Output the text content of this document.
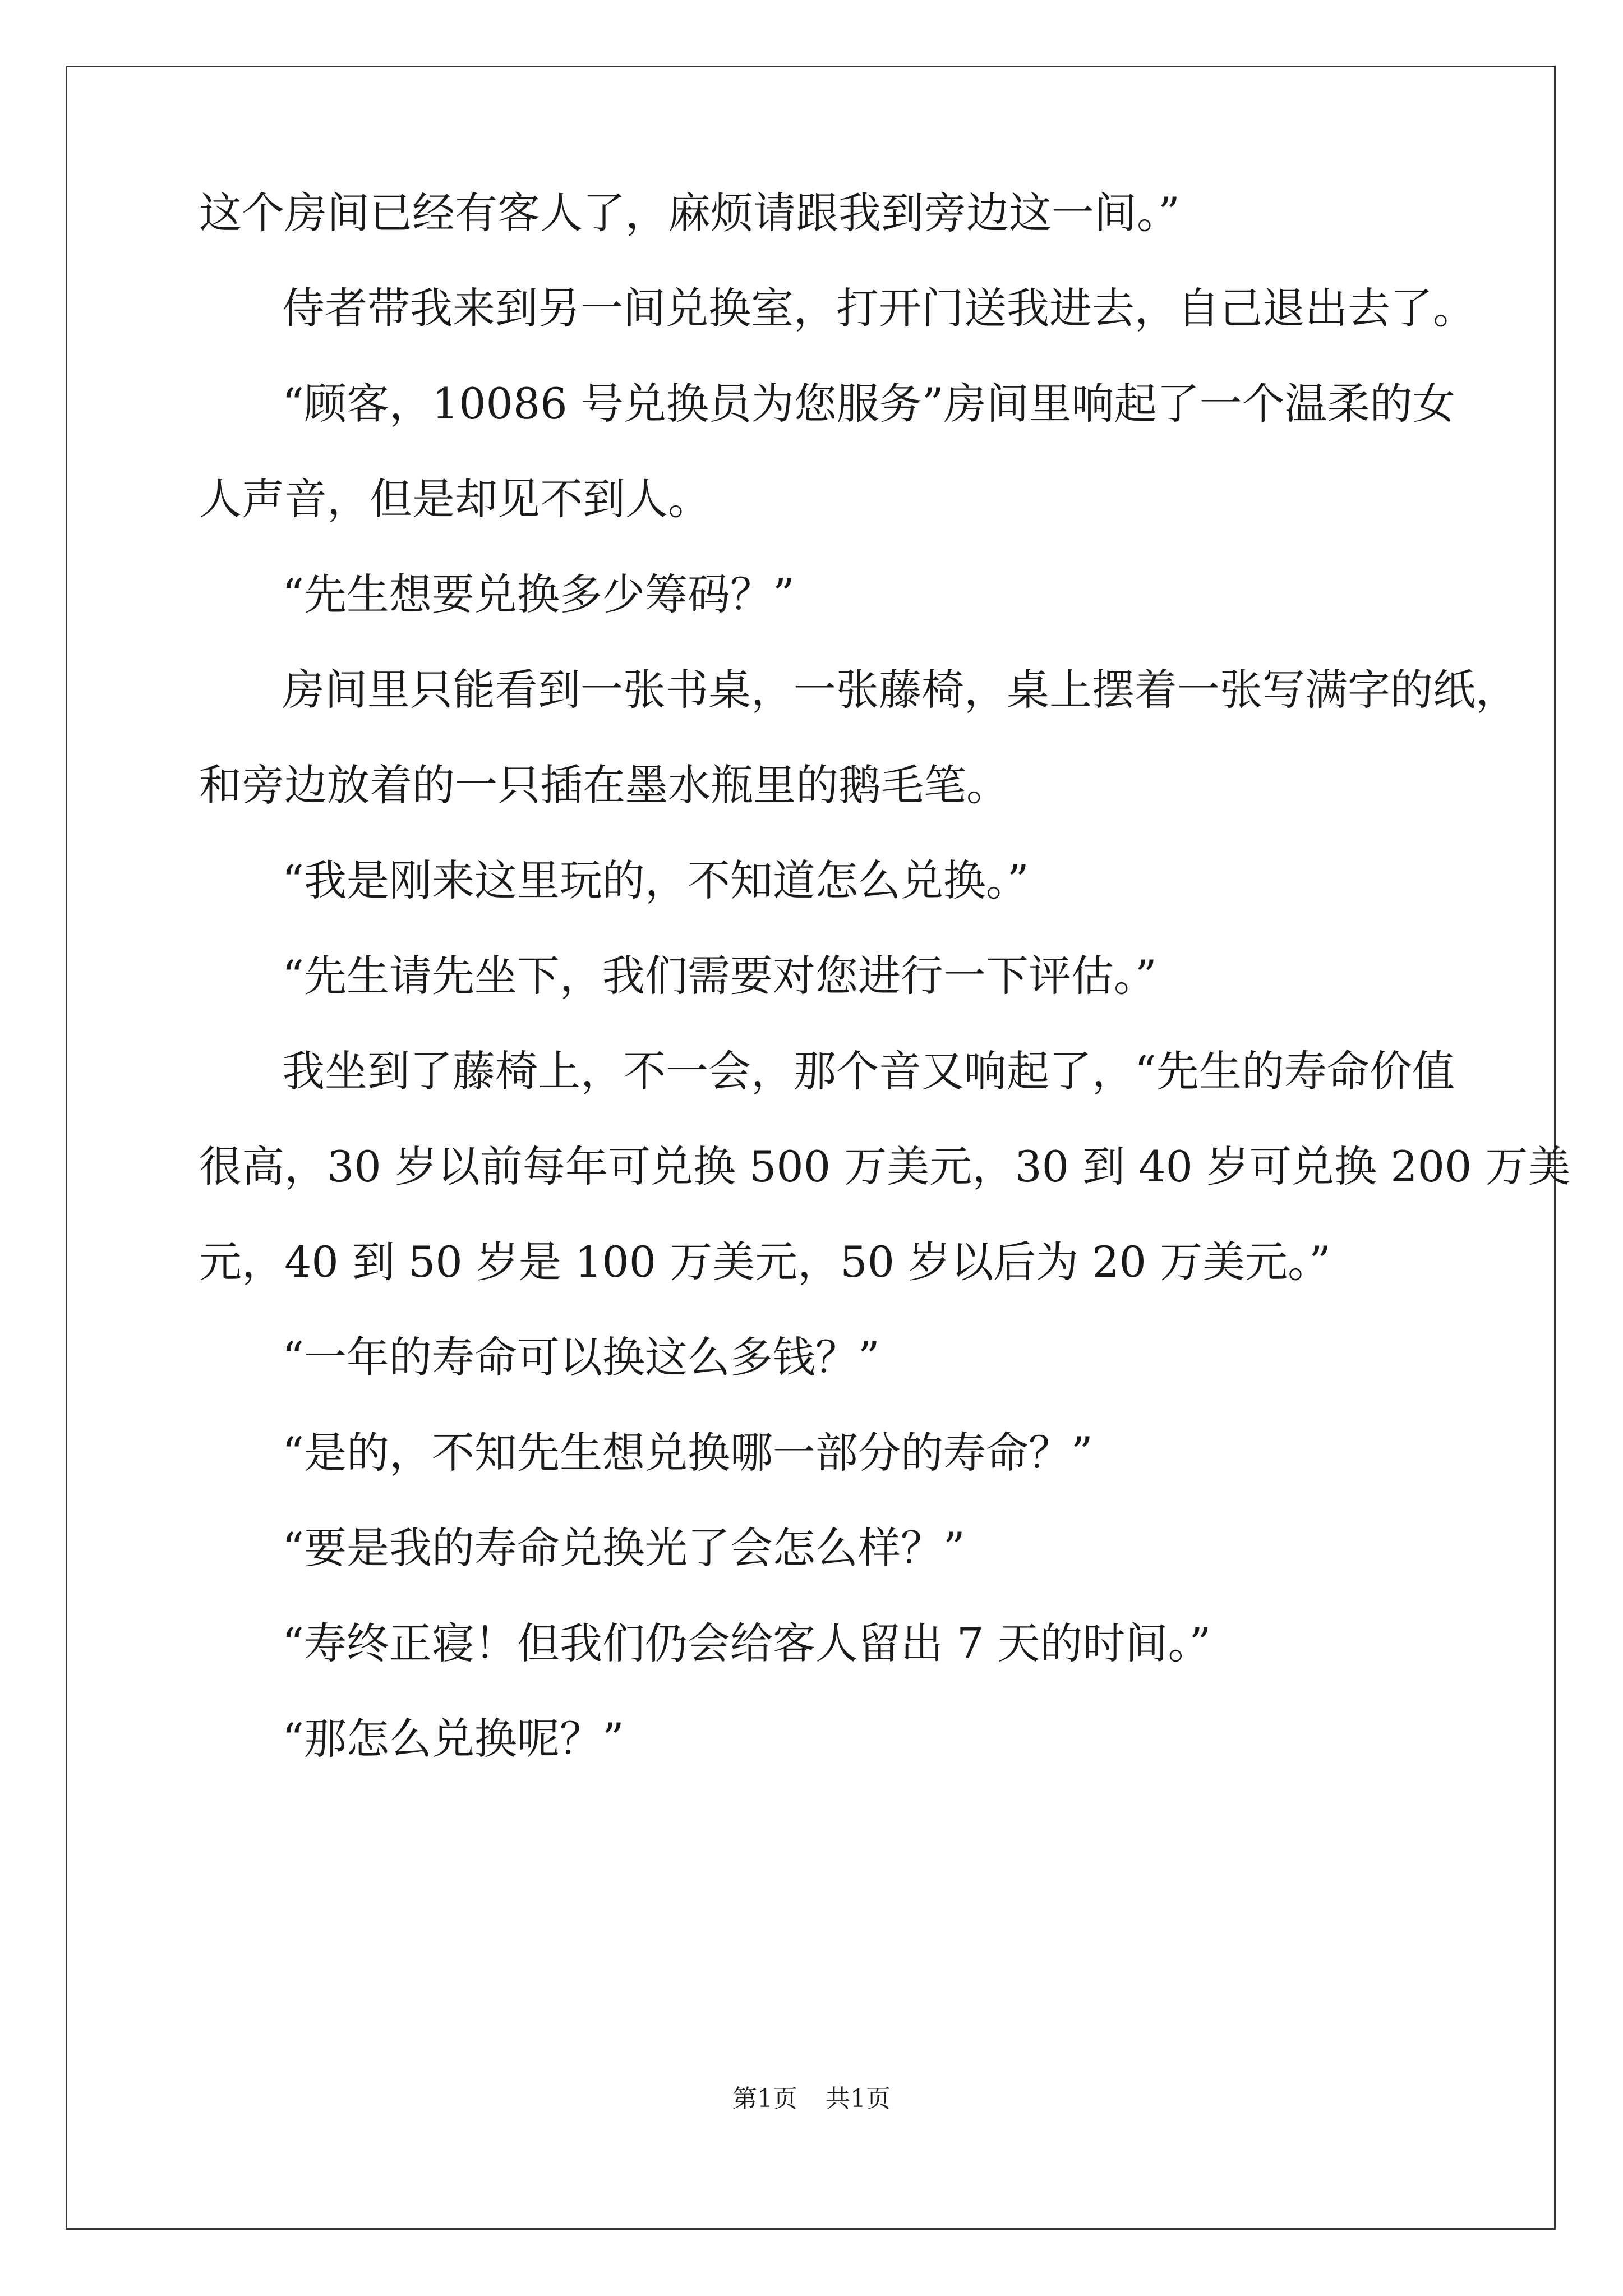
这个房间已经有客人了，麻烦请跟我到旁边这一间。”
侍者带我来到另一间兑换室，打开门送我进去，自己退出去了。
“顾客，10086 号兑换员为您服务”房间里响起了一个温柔的女
人声音，但是却见不到人。
“先生想要兑换多少筹码？”
房间里只能看到一张书桌，一张藤椅，桌上摆着一张写满字的纸，
和旁边放着的一只插在墨水瓶里的鹅毛笔。
“我是刚来这里玩的，不知道怎么兑换。”
“先生请先坐下，我们需要对您进行一下评估。”
我坐到了藤椅上，不一会，那个音又响起了，“先生的寿命价值
很高，30 岁以前每年可兑换 500 万美元，30 到 40 岁可兑换 200 万美
元，40 到 50 岁是 100 万美元，50 岁以后为 20 万美元。”
“一年的寿命可以换这么多钱？”
“是的，不知先生想兑换哪一部分的寿命？”
“要是我的寿命兑换光了会怎么样？”
“寿终正寝！但我们仍会给客人留出 7 天的时间。”
“那怎么兑换呢？”
第1页 共1页
